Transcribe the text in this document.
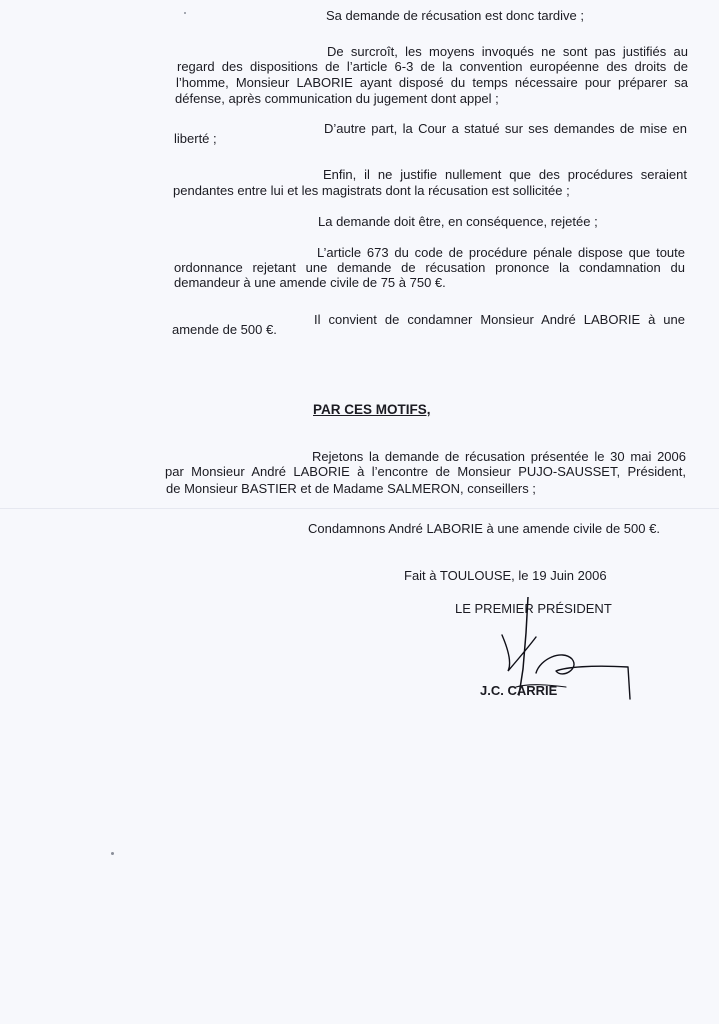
Sa demande de récusation est donc tardive ;
De surcroît, les moyens invoqués ne sont pas justifiés au
regard des dispositions de l’article 6-3 de la convention européenne des droits de
l’homme, Monsieur LABORIE ayant disposé du temps nécessaire pour préparer sa
défense, après communication du jugement dont appel ;
D’autre part, la Cour a statué sur ses demandes de mise en
liberté ;
Enfin, il ne justifie nullement que des procédures seraient
pendantes entre lui et les magistrats dont la récusation est sollicitée ;
La demande doit être, en conséquence, rejetée ;
L’article 673 du code de procédure pénale dispose que toute
ordonnance rejetant une demande de récusation prononce la condamnation du
demandeur à une amende civile de 75 à 750 €.
Il convient de condamner Monsieur André LABORIE à une
amende de 500 €.
PAR CES MOTIFS,
Rejetons la demande de récusation présentée le 30 mai 2006
par Monsieur André LABORIE à l’encontre de Monsieur PUJO-SAUSSET, Président,
de Monsieur BASTIER et de Madame SALMERON, conseillers ;
Condamnons André LABORIE à une amende civile de 500 €.
Fait à TOULOUSE, le 19 Juin 2006
LE PREMIER PRÉSIDENT
J.C. CARRIE
